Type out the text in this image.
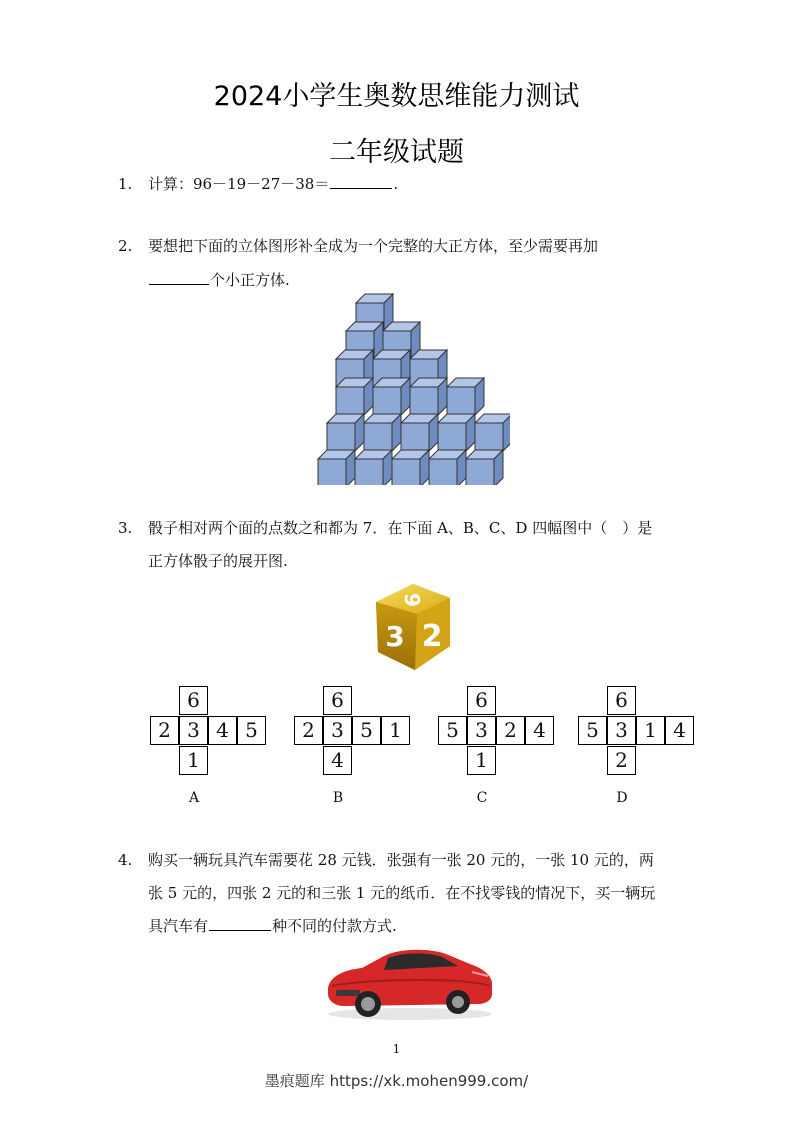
2024小学生奥数思维能力测试
二年级试题
1. 计算：96－19－27－38＝	.
2. 要想把下面的立体图形补全成为一个完整的大正方体，至少需要再加
个小正方体.
3. 骰子相对两个面的点数之和都为 7．在下面 A、B、C、D 四幅图中（　）是
正方体骰子的展开图.
9
3 2
6
2 3 4 5
1
A
6
2 3 5 1
4
B
6
5 3 2 4
1
C
6
5 3 1 4
2
D
4. 购买一辆玩具汽车需要花 28 元钱．张强有一张 20 元的，一张 10 元的，两
张 5 元的，四张 2 元的和三张 1 元的纸币．在不找零钱的情况下，买一辆玩
具汽车有	种不同的付款方式.
1
墨痕题库 https://xk.mohen999.com/
